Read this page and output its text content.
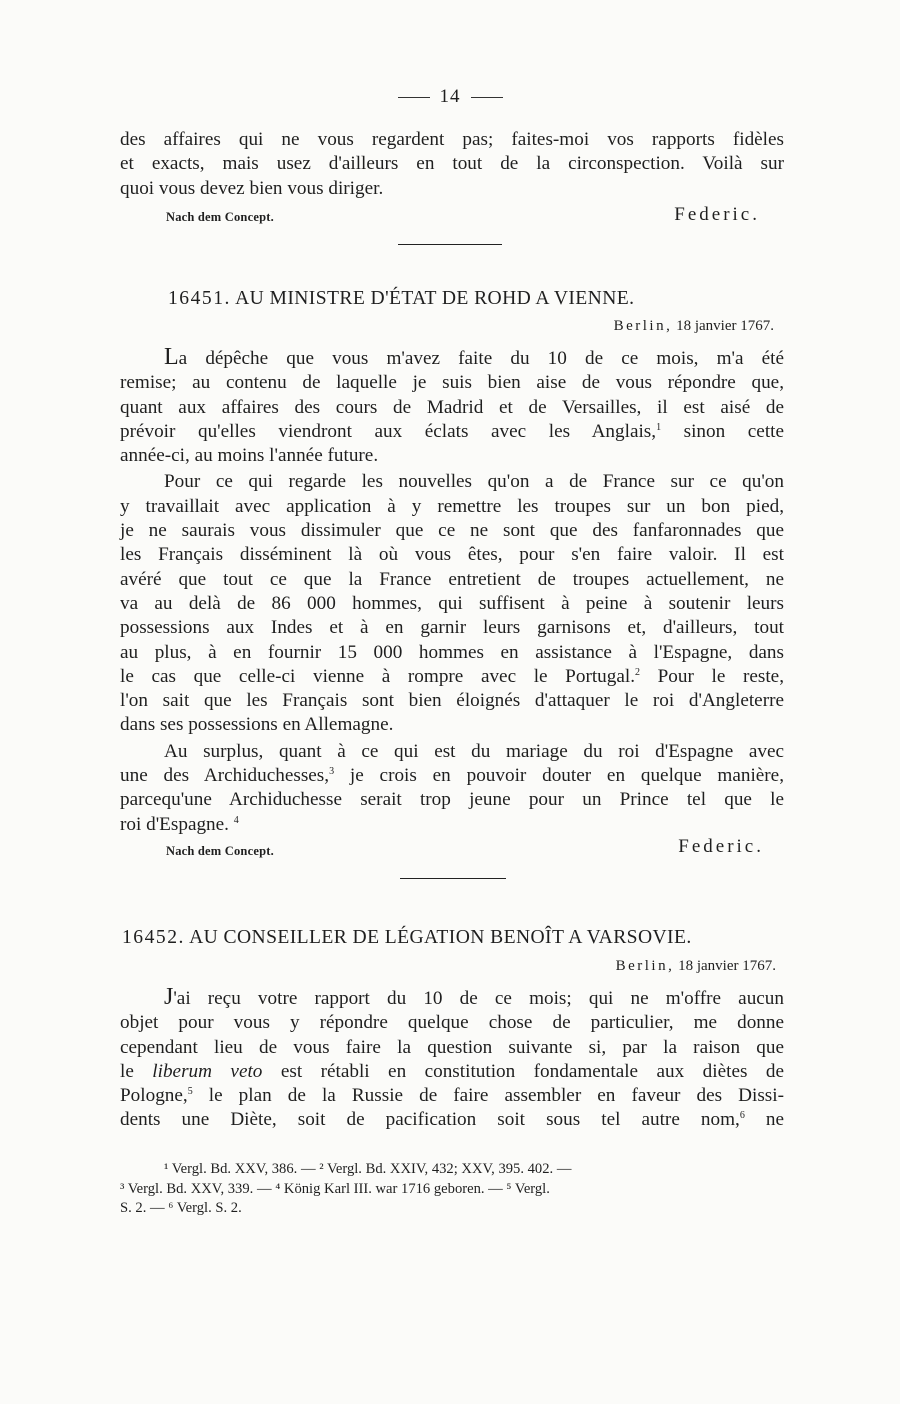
14

des affaires qui ne vous regardent pas; faites-moi vos rapports fidèles
et exacts, mais usez d'ailleurs en tout de la circonspection. Voilà sur
quoi vous devez bien vous diriger.

Nach dem Concept.	Federic.
16451. AU MINISTRE D'ÉTAT DE ROHD A VIENNE.
Berlin, 18 janvier 1767.

La dépêche que vous m'avez faite du 10 de ce mois, m'a été
remise; au contenu de laquelle je suis bien aise de vous répondre que,
quant aux affaires des cours de Madrid et de Versailles, il est aisé de
prévoir qu'elles viendront aux éclats avec les Anglais,$^1$ sinon cette
année-ci, au moins l'année future.

Pour ce qui regarde les nouvelles qu'on a de France sur ce qu'on
y travaillait avec application à y remettre les troupes sur un bon pied,
je ne saurais vous dissimuler que ce ne sont que des fanfaronnades que
les Français disséminent là où vous êtes, pour s'en faire valoir. Il est
avéré que tout ce que la France entretient de troupes actuellement, ne
va au delà de 86 000 hommes, qui suffisent à peine à soutenir leurs
possessions aux Indes et à en garnir leurs garnisons et, d'ailleurs, tout
au plus, à en fournir 15 000 hommes en assistance à l'Espagne, dans
le cas que celle-ci vienne à rompre avec le Portugal.$^2$ Pour le reste,
l'on sait que les Français sont bien éloignés d'attaquer le roi d'Angleterre
dans ses possessions en Allemagne.

Au surplus, quant à ce qui est du mariage du roi d'Espagne avec
une des Archiduchesses,$^3$ je crois en pouvoir douter en quelque manière,
parcequ'une Archiduchesse serait trop jeune pour un Prince tel que le
roi d'Espagne. $^4$

Nach dem Concept.	Federic.
16452. AU CONSEILLER DE LÉGATION BENOÎT A VARSOVIE.
Berlin, 18 janvier 1767.

J'ai reçu votre rapport du 10 de ce mois; qui ne m'offre aucun
objet pour vous y répondre quelque chose de particulier, me donne
cependant lieu de vous faire la question suivante si, par la raison que
le liberum veto est rétabli en constitution fondamentale aux diètes de
Pologne,$^5$ le plan de la Russie de faire assembler en faveur des Dissi-
dents une Diète, soit de pacification soit sous tel autre nom,$^6$ ne

¹ Vergl. Bd. XXV, 386. — ² Vergl. Bd. XXIV, 432; XXV, 395. 402. —
³ Vergl. Bd. XXV, 339. — ⁴ König Karl III. war 1716 geboren. — ⁵ Vergl.
S. 2. — ⁶ Vergl. S. 2.
